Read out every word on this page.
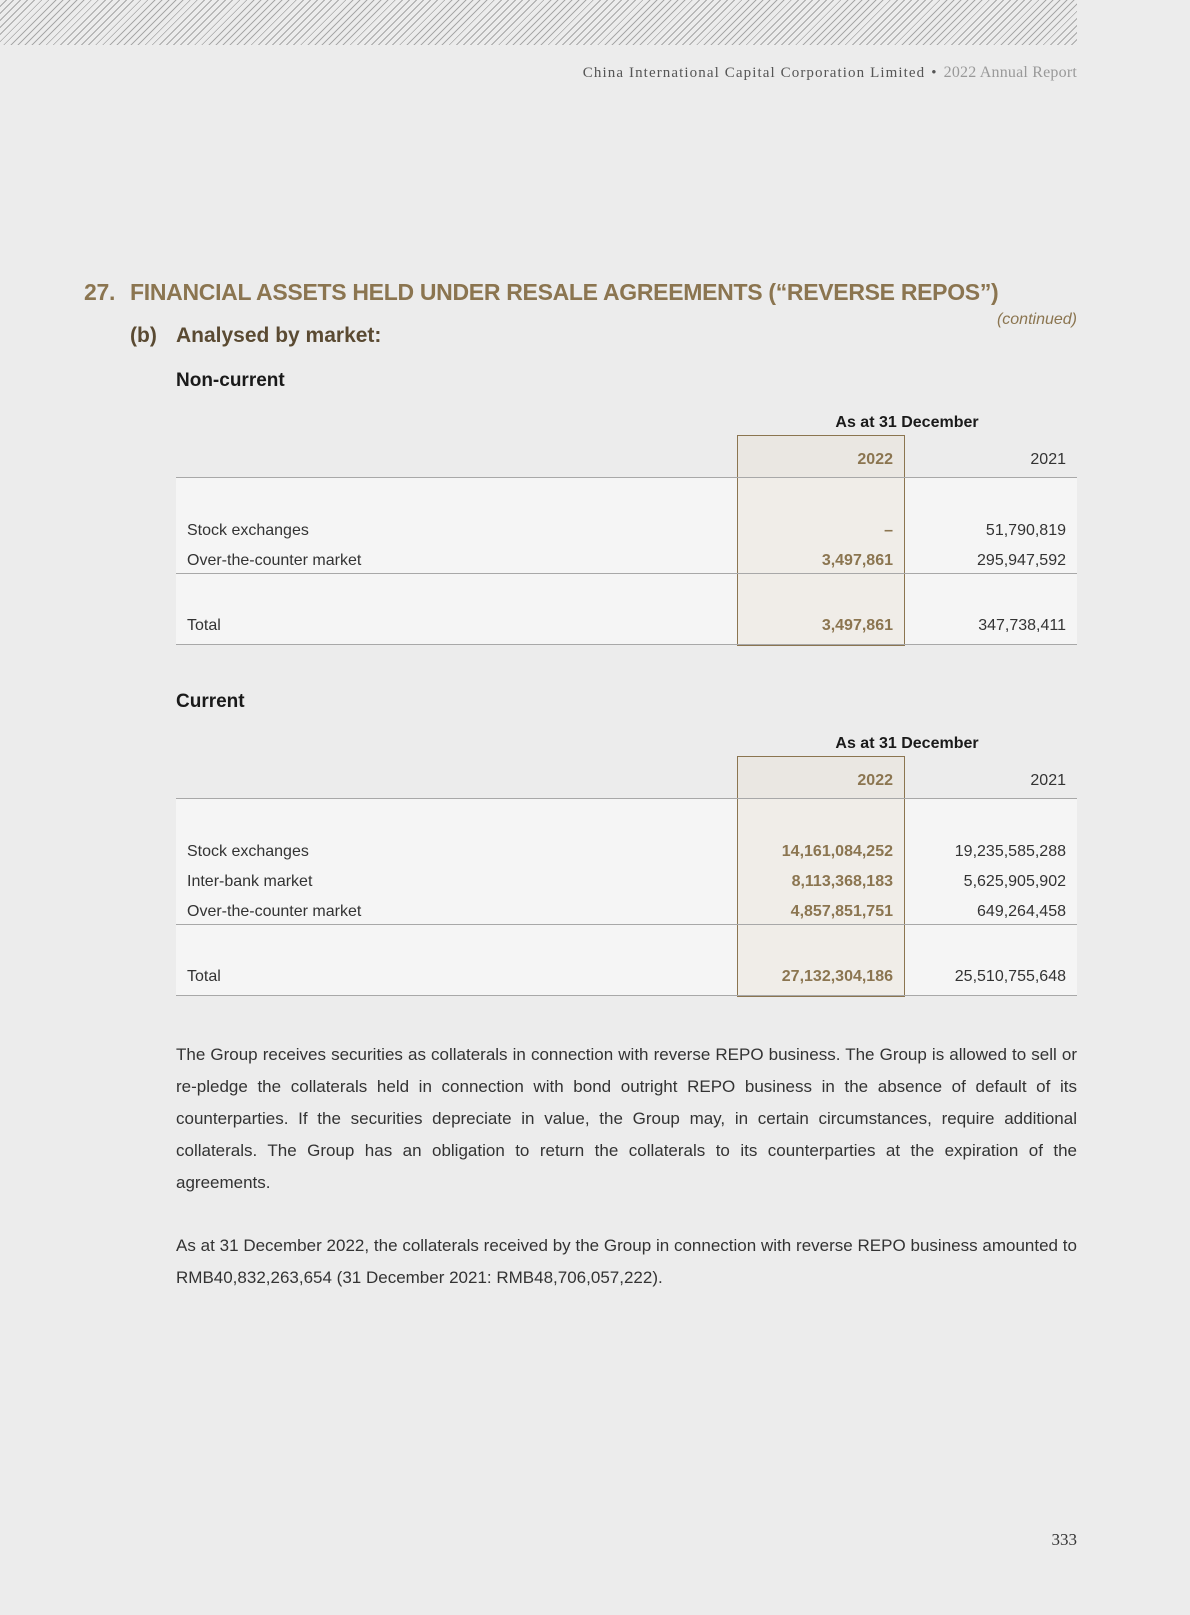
China International Capital Corporation Limited • 2022 Annual Report
27. FINANCIAL ASSETS HELD UNDER RESALE AGREEMENTS (“REVERSE REPOS”)
(continued)
(b) Analysed by market:
Non-current
As at 31 December
2022	2021
Stock exchanges	–	51,790,819
Over-the-counter market	3,497,861	295,947,592
Total	3,497,861	347,738,411
Current
As at 31 December
2022	2021
Stock exchanges	14,161,084,252	19,235,585,288
Inter-bank market	8,113,368,183	5,625,905,902
Over-the-counter market	4,857,851,751	649,264,458
Total	27,132,304,186	25,510,755,648

The Group receives securities as collaterals in connection with reverse REPO business. The Group is allowed to sell or re-pledge the collaterals held in connection with bond outright REPO business in the absence of default of its counterparties. If the securities depreciate in value, the Group may, in certain circumstances, require additional collaterals. The Group has an obligation to return the collaterals to its counterparties at the expiration of the agreements.

As at 31 December 2022, the collaterals received by the Group in connection with reverse REPO business amounted to RMB40,832,263,654 (31 December 2021: RMB48,706,057,222).

333
